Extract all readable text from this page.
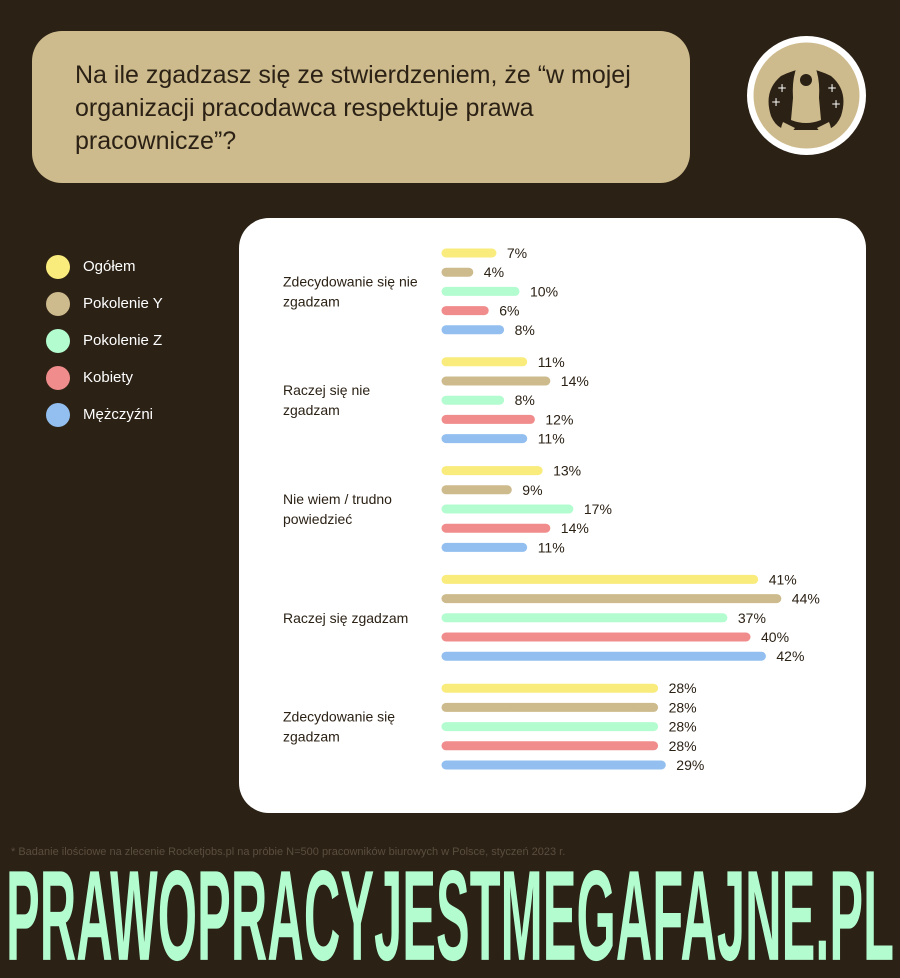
Na ile zgadzasz się ze stwierdzeniem, że “w mojej organizacji pracodawca respektuje prawa pracownicze”?

+	+
+	+
Ogółem
Pokolenie Y
Pokolenie Z
Kobiety
Mężczyźni
Zdecydowanie się nie zgadzam
7%
4%
10%
6%
8%
Raczej się nie zgadzam
11%
14%
8%
12%
11%
Nie wiem / trudno powiedzieć
13%
9%
17%
14%
11%
Raczej się zgadzam
41%
44%
37%
40%
42%
Zdecydowanie się zgadzam
28%
28%
28%
28%
29%
* Badanie ilościowe na zlecenie Rocketjobs.pl na próbie N=500 pracowników biurowych w Polsce, styczeń 2023 r.
PRAWOPRACYJESTMEGAFAJNE.PL
